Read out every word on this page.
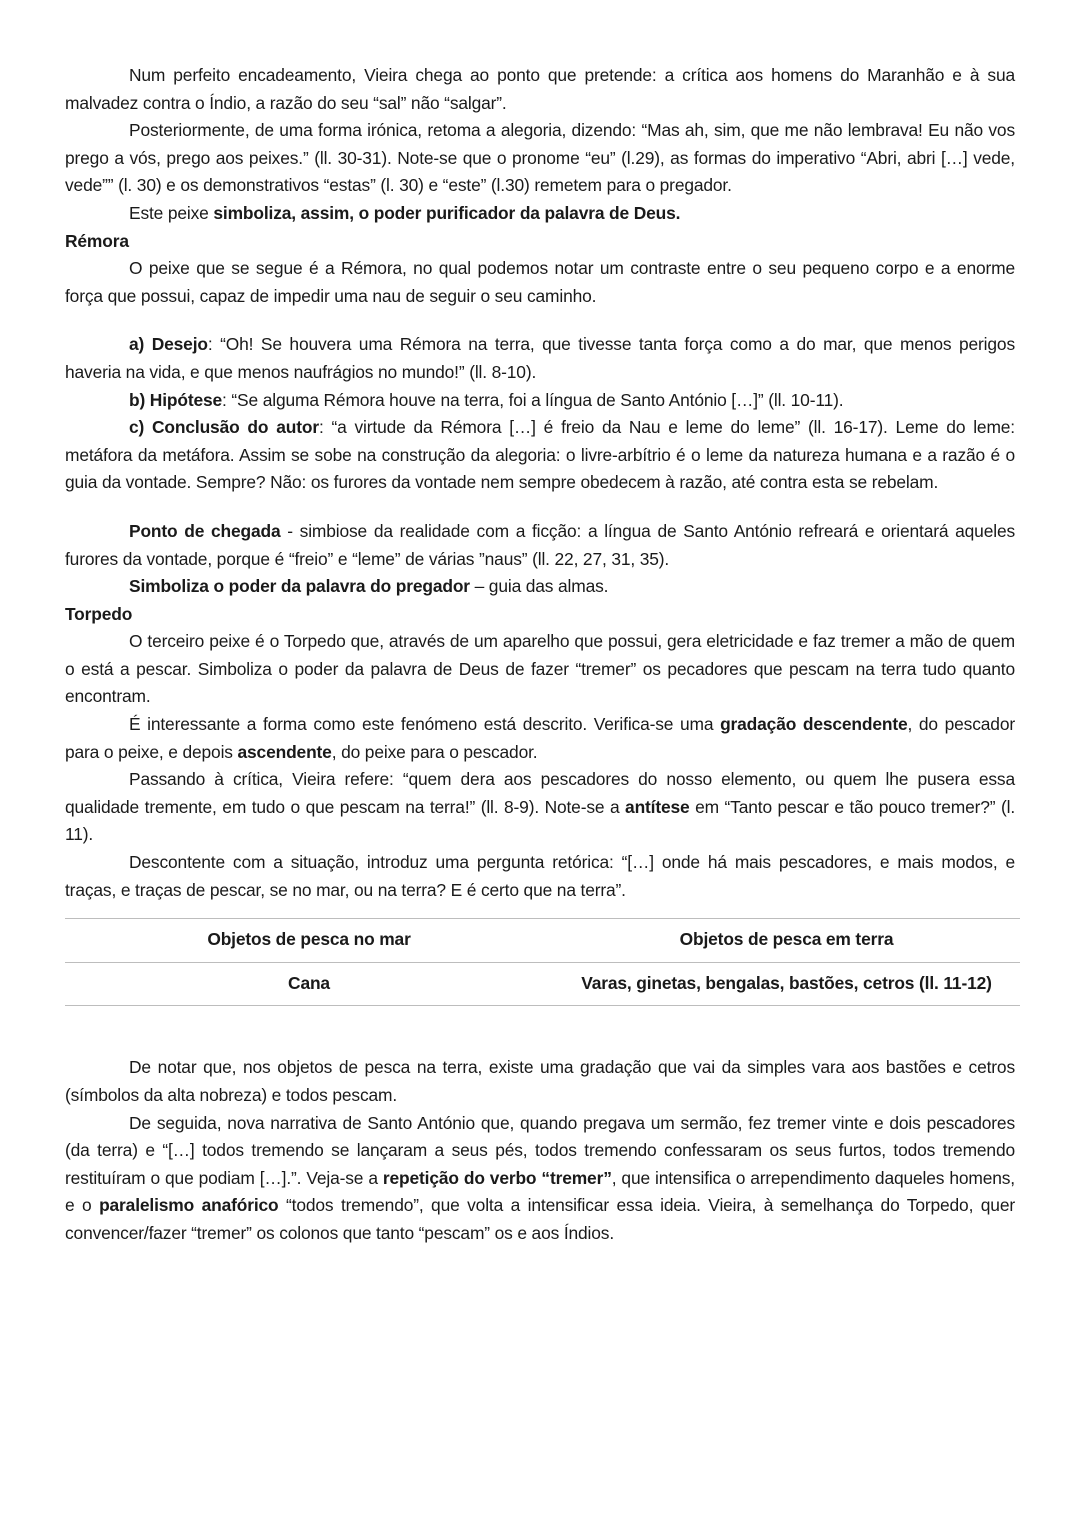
Num perfeito encadeamento, Vieira chega ao ponto que pretende: a crítica aos homens do Maranhão e à sua malvadez contra o Índio, a razão do seu “sal” não “salgar”.

Posteriormente, de uma forma irónica, retoma a alegoria, dizendo: “Mas ah, sim, que me não lembrava! Eu não vos prego a vós, prego aos peixes.” (ll. 30-31). Note-se que o pronome “eu” (l.29), as formas do imperativo “Abri, abri […] vede, vede”” (l. 30) e os demonstrativos “estas” (l. 30) e “este” (l.30) remetem para o pregador.

Este peixe simboliza, assim, o poder purificador da palavra de Deus.

Rémora

O peixe que se segue é a Rémora, no qual podemos notar um contraste entre o seu pequeno corpo e a enorme força que possui, capaz de impedir uma nau de seguir o seu caminho.

a) Desejo: “Oh! Se houvera uma Rémora na terra, que tivesse tanta força como a do mar, que menos perigos haveria na vida, e que menos naufrágios no mundo!” (ll. 8-10).

b) Hipótese: “Se alguma Rémora houve na terra, foi a língua de Santo António […]” (ll. 10-11).

c) Conclusão do autor: “a virtude da Rémora […] é freio da Nau e leme do leme” (ll. 16-17). Leme do leme: metáfora da metáfora. Assim se sobe na construção da alegoria: o livre-arbítrio é o leme da natureza humana e a razão é o guia da vontade. Sempre? Não: os furores da vontade nem sempre obedecem à razão, até contra esta se rebelam.

Ponto de chegada - simbiose da realidade com a ficção: a língua de Santo António refreará e orientará aqueles furores da vontade, porque é “freio” e “leme” de várias ”naus” (ll. 22, 27, 31, 35).

Simboliza o poder da palavra do pregador – guia das almas.

Torpedo

O terceiro peixe é o Torpedo que, através de um aparelho que possui, gera eletricidade e faz tremer a mão de quem o está a pescar. Simboliza o poder da palavra de Deus de fazer “tremer” os pecadores que pescam na terra tudo quanto encontram.

É interessante a forma como este fenómeno está descrito. Verifica-se uma gradação descendente, do pescador para o peixe, e depois ascendente, do peixe para o pescador.

Passando à crítica, Vieira refere: “quem dera aos pescadores do nosso elemento, ou quem lhe pusera essa qualidade tremente, em tudo o que pescam na terra!” (ll. 8-9). Note-se a antítese em “Tanto pescar e tão pouco tremer?” (l. 11).

Descontente com a situação, introduz uma pergunta retórica: “[…] onde há mais pescadores, e mais modos, e traças, e traças de pescar, se no mar, ou na terra? E é certo que na terra”.

Objetos de pesca no mar	Objetos de pesca em terra
Cana	Varas, ginetas, bengalas, bastões, cetros (ll. 11-12)

De notar que, nos objetos de pesca na terra, existe uma gradação que vai da simples vara aos bastões e cetros (símbolos da alta nobreza) e todos pescam.

De seguida, nova narrativa de Santo António que, quando pregava um sermão, fez tremer vinte e dois pescadores (da terra) e “[…] todos tremendo se lançaram a seus pés, todos tremendo confessaram os seus furtos, todos tremendo restituíram o que podiam […].”. Veja-se a repetição do verbo “tremer”, que intensifica o arrependimento daqueles homens, e o paralelismo anafórico “todos tremendo”, que volta a intensificar essa ideia. Vieira, à semelhança do Torpedo, quer convencer/fazer “tremer” os colonos que tanto “pescam” os e aos Índios.
